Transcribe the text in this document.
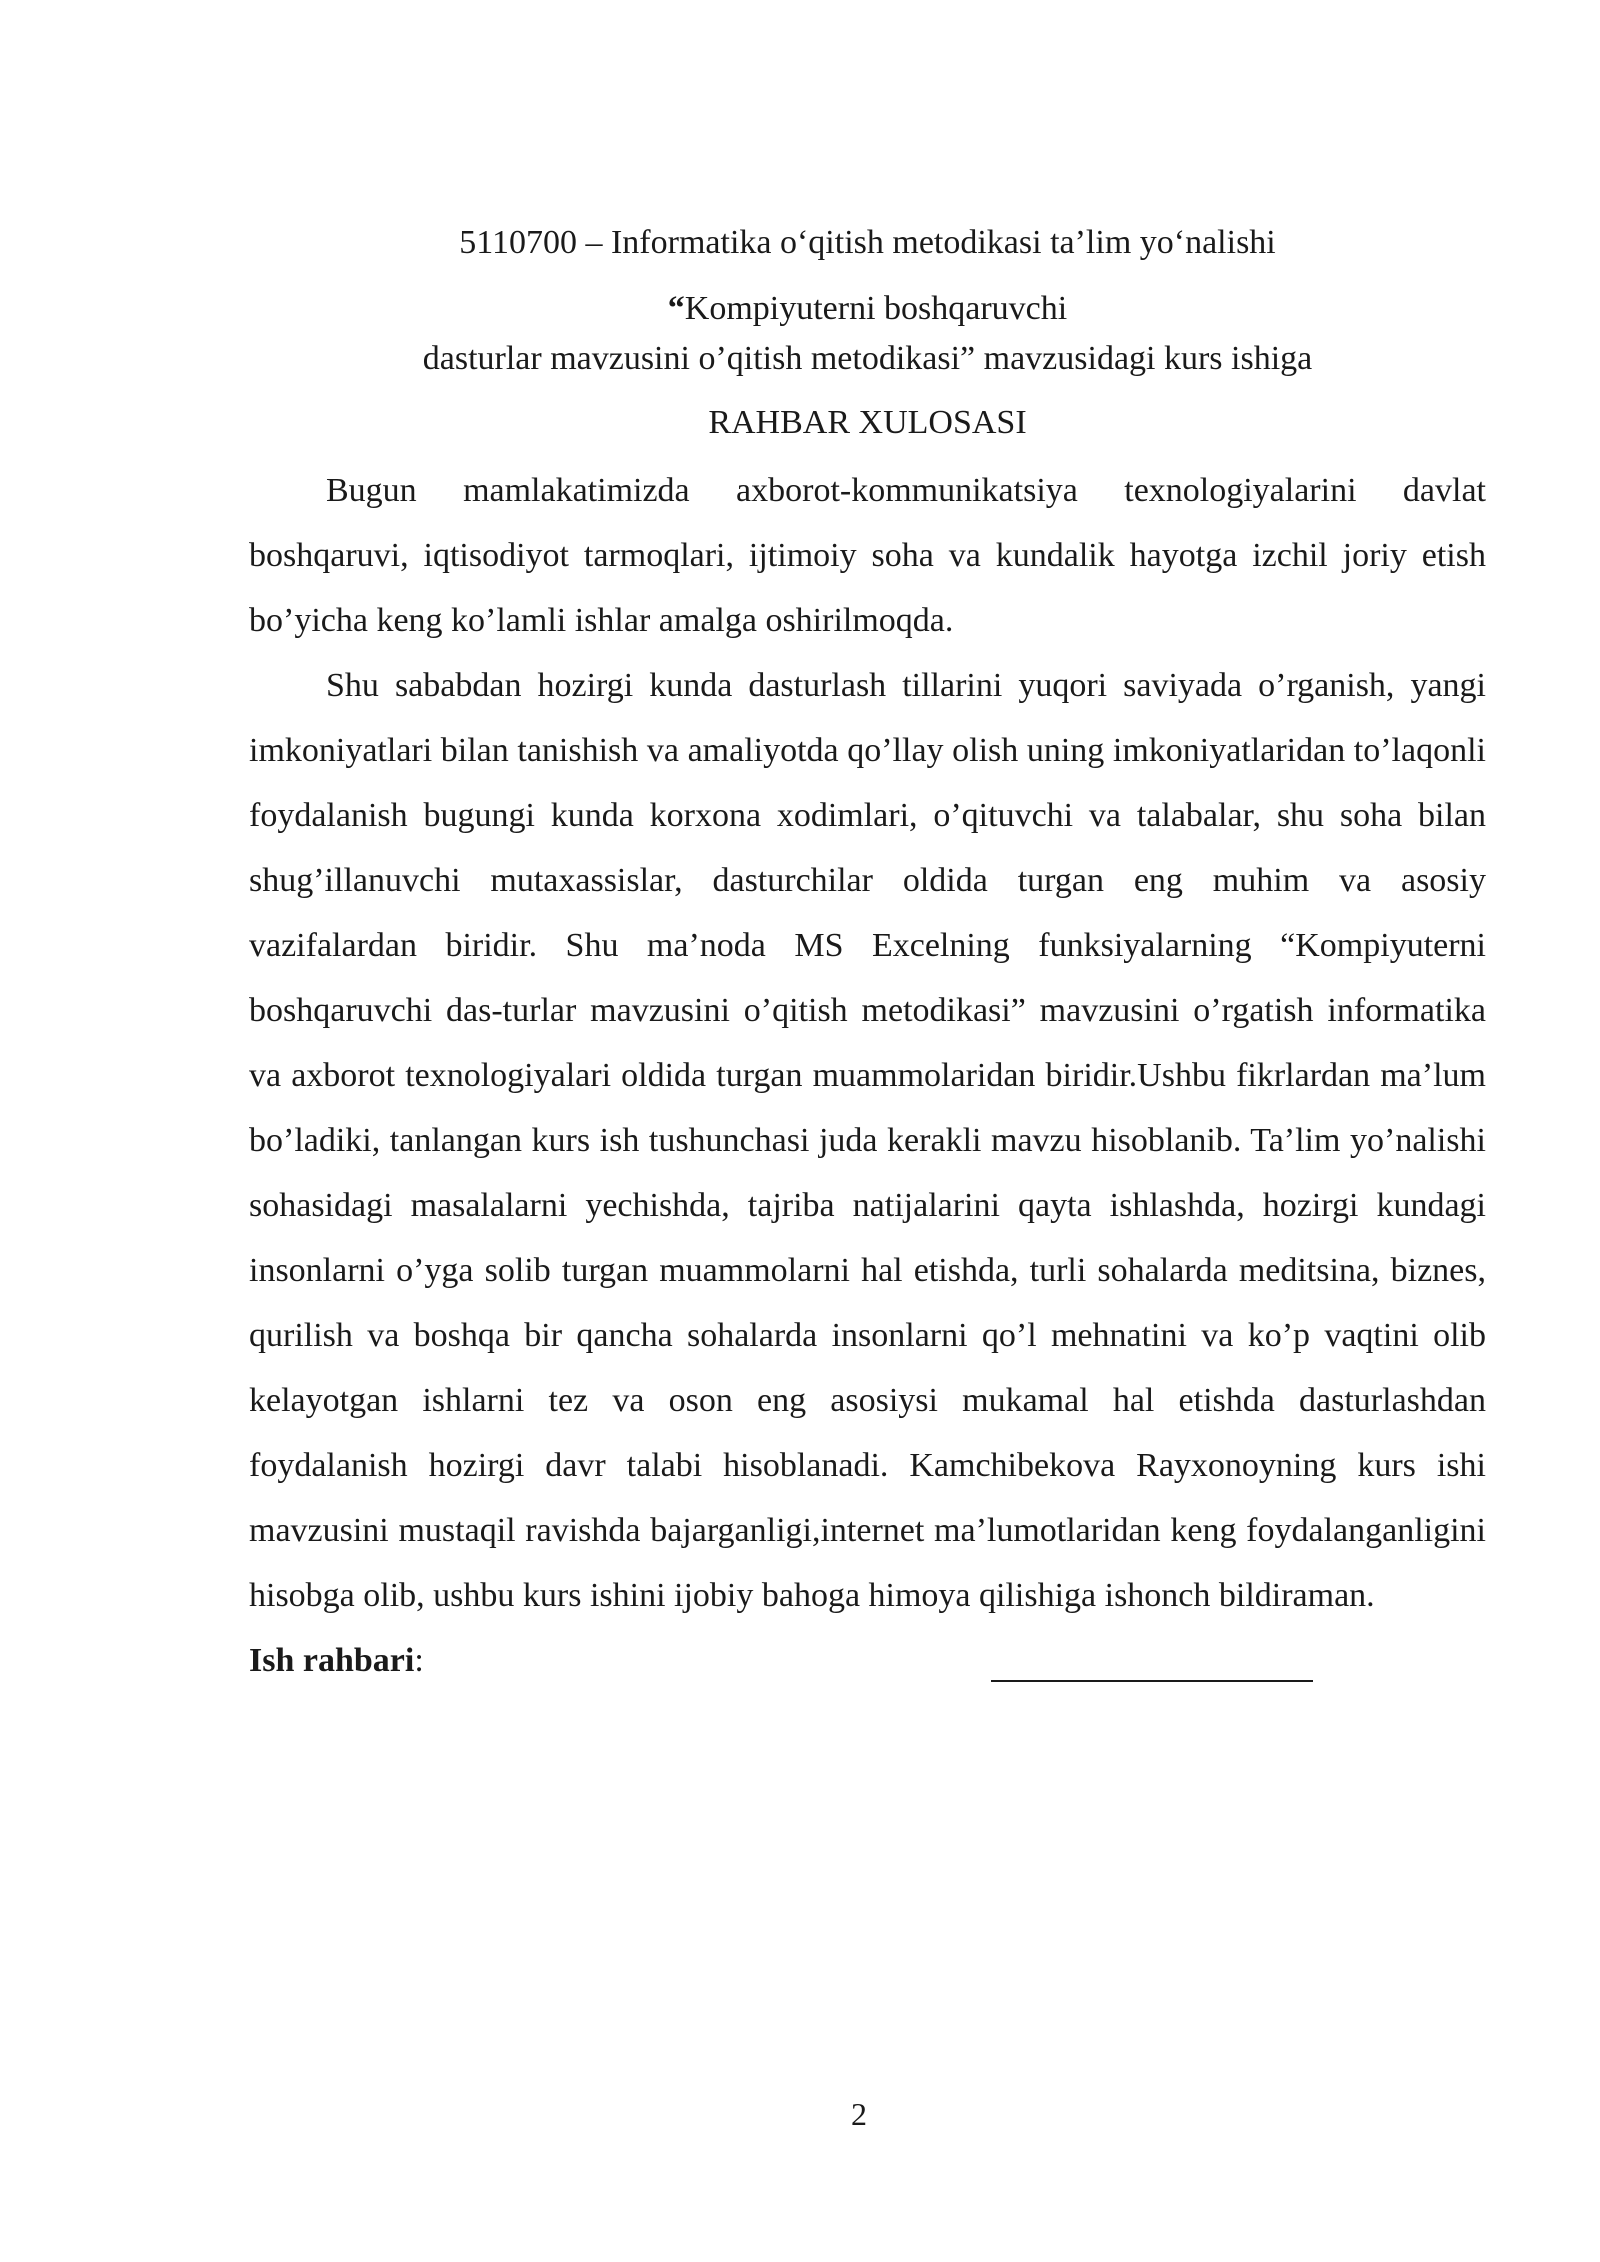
5110700 – Informatika o‘qitish metodikasi ta’lim yo‘nalishi

“Kompiyuterni boshqaruvchi

dasturlar mavzusini o’qitish metodikasi” mavzusidagi kurs ishiga

RAHBAR XULOSASI

Bugun mamlakatimizda axborot-kommunikatsiya texnologiyalarini davlat boshqaruvi, iqtisodiyot tarmoqlari, ijtimoiy soha va kundalik hayotga izchil joriy etish bo’yicha keng ko’lamli ishlar amalga oshirilmoqda.

Shu sababdan hozirgi kunda dasturlash tillarini yuqori saviyada o’rganish, yangi imkoniyatlari bilan tanishish va amaliyotda qo’llay olish uning imkoniyatlaridan to’laqonli foydalanish bugungi kunda korxona xodimlari, o’qituvchi va talabalar, shu soha bilan shug’illanuvchi mutaxassislar, dasturchilar oldida turgan eng muhim va asosiy vazifalardan biridir. Shu ma’noda MS Excelning funksiyalarning “Kompiyuterni boshqaruvchi das-turlar mavzusini o’qitish metodikasi” mavzusini o’rgatish informatika va axborot texnologiyalari oldida turgan muammolaridan biridir.Ushbu fikrlardan ma’lum bo’ladiki, tanlangan kurs ish tushunchasi juda kerakli mavzu hisoblanib. Ta’lim yo’nalishi sohasidagi masalalarni yechishda, tajriba natijalarini qayta ishlashda, hozirgi kundagi insonlarni o’yga solib turgan muammolarni hal etishda, turli sohalarda meditsina, biznes, qurilish va boshqa bir qancha sohalarda insonlarni qo’l mehnatini va ko’p vaqtini olib kelayotgan ishlarni tez va oson eng asosiysi mukamal hal etishda dasturlashdan foydalanish hozirgi davr talabi hisoblanadi. Kamchibekova Rayxonoyning kurs ishi mavzusini mustaqil ravishda bajarganligi,internet ma’lumotlaridan keng foydalanganligini hisobga olib, ushbu kurs ishini ijobiy bahoga himoya qilishiga ishonch bildiraman.

Ish rahbari:
2
